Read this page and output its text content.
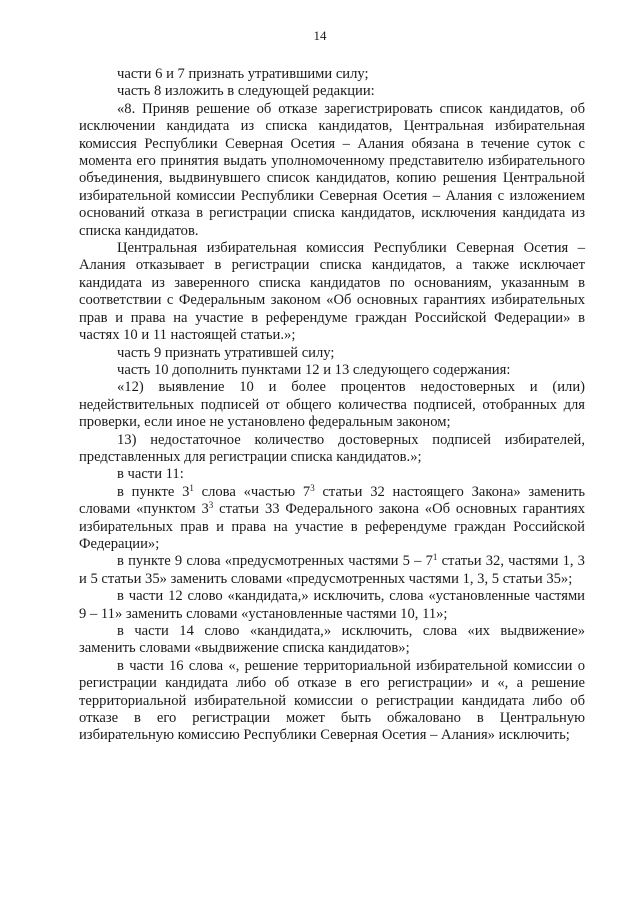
14

части 6 и 7 признать утратившими силу;

часть 8 изложить в следующей редакции:

«8. Приняв решение об отказе зарегистрировать список кандидатов, об исключении кандидата из списка кандидатов, Центральная избирательная комиссия Республики Северная Осетия – Алания обязана в течение суток с момента его принятия выдать уполномоченному представителю избирательного объединения, выдвинувшего список кандидатов, копию решения Центральной избирательной комиссии Республики Северная Осетия – Алания с изложением оснований отказа в регистрации списка кандидатов, исключения кандидата из списка кандидатов.

Центральная избирательная комиссия Республики Северная Осетия – Алания отказывает в регистрации списка кандидатов, а также исключает кандидата из заверенного списка кандидатов по основаниям, указанным в соответствии с Федеральным законом «Об основных гарантиях избирательных прав и права на участие в референдуме граждан Российской Федерации» в частях 10 и 11 настоящей статьи.»;

часть 9 признать утратившей силу;

часть 10 дополнить пунктами 12 и 13 следующего содержания:

«12) выявление 10 и более процентов недостоверных и (или) недействительных подписей от общего количества подписей, отобранных для проверки, если иное не установлено федеральным законом;

13) недостаточное количество достоверных подписей избирателей, представленных для регистрации списка кандидатов.»;

в части 11:

в пункте $3^1$ слова «частью $7^3$ статьи 32 настоящего Закона» заменить словами «пунктом $3^3$ статьи 33 Федерального закона «Об основных гарантиях избирательных прав и права на участие в референдуме граждан Российской Федерации»;

в пункте 9 слова «предусмотренных частями $5 - 7^1$ статьи 32, частями 1, 3 и 5 статьи 35» заменить словами «предусмотренных частями 1, 3, 5 статьи 35»;

в части 12 слово «кандидата,» исключить, слова «установленные частями 9 – 11» заменить словами «установленные частями 10, 11»;

в части 14 слово «кандидата,» исключить, слова «их выдвижение» заменить словами «выдвижение списка кандидатов»;

в части 16 слова «, решение территориальной избирательной комиссии о регистрации кандидата либо об отказе в его регистрации» и «, а решение территориальной избирательной комиссии о регистрации кандидата либо об отказе в его регистрации может быть обжаловано в Центральную избирательную комиссию Республики Северная Осетия – Алания» исключить;
